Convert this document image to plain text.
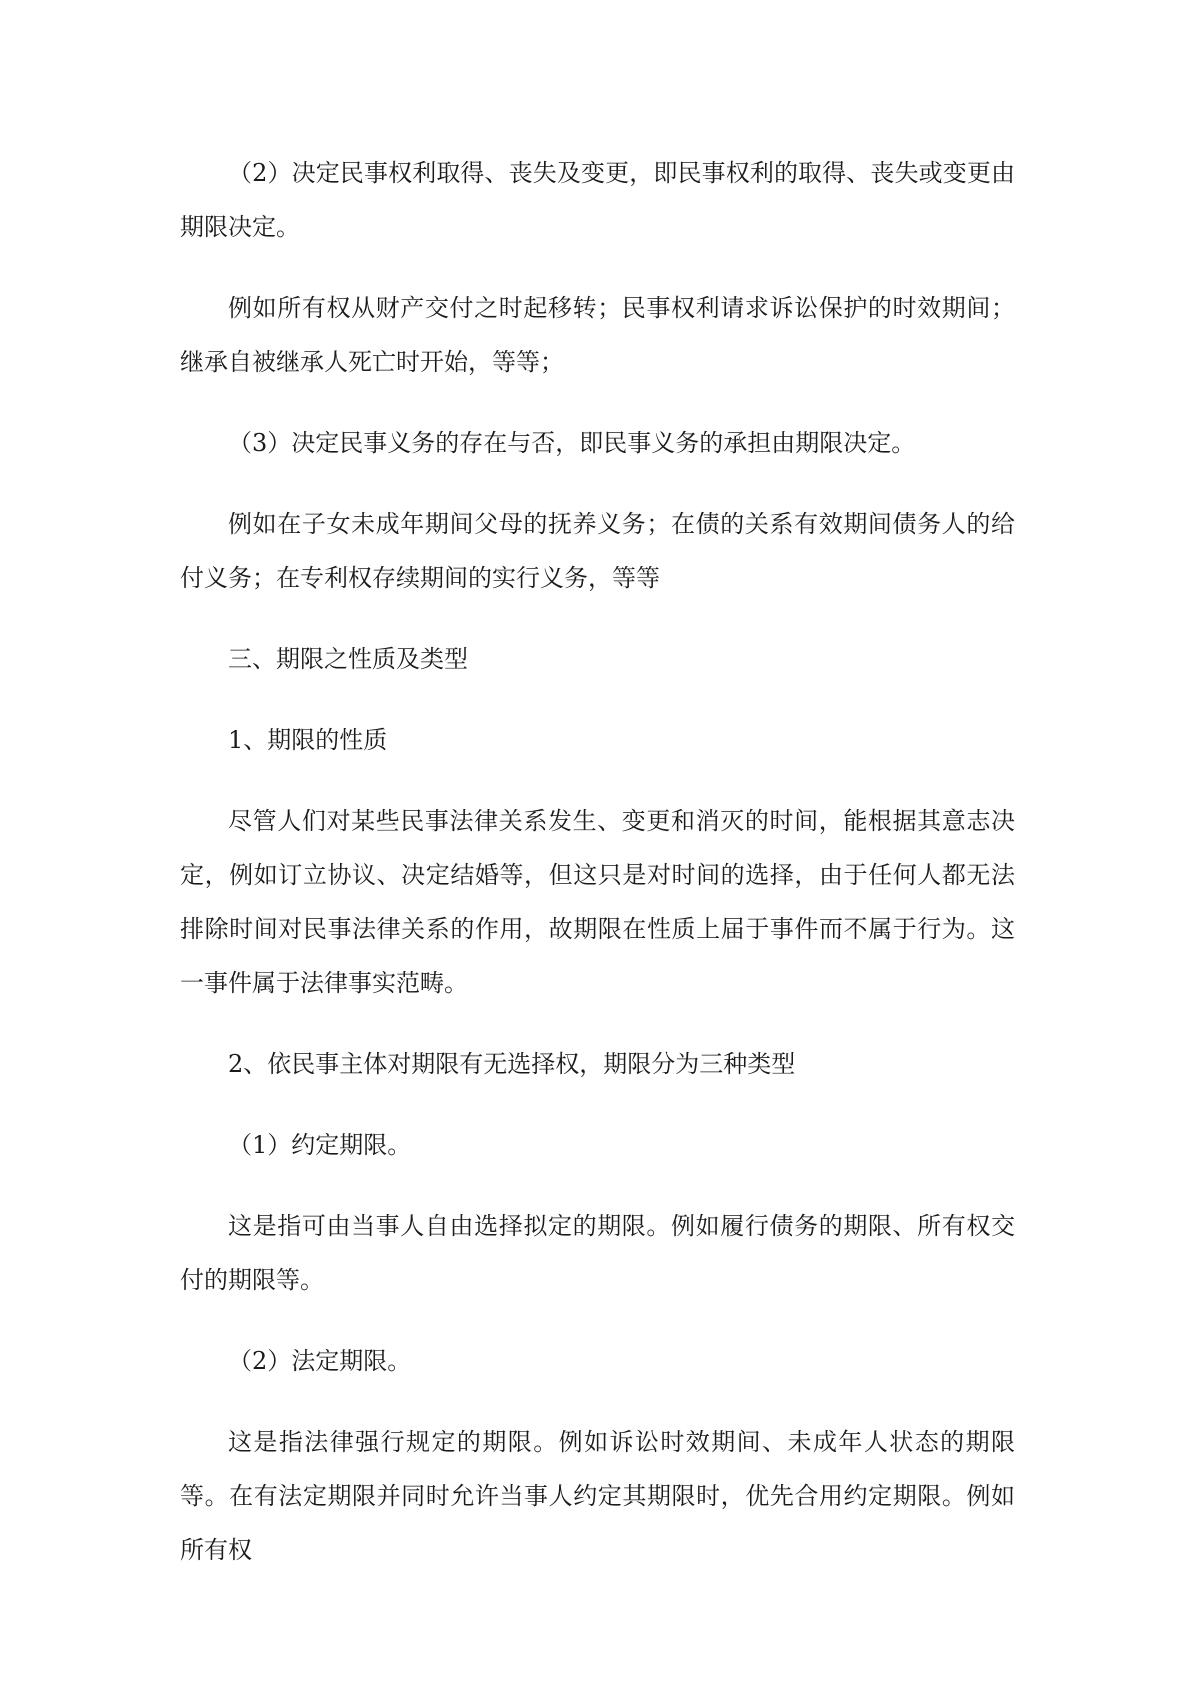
（2）决定民事权利取得、丧失及变更，即民事权利的取得、丧失或变更由期限决定。

例如所有权从财产交付之时起移转；民事权利请求诉讼保护的时效期间；继承自被继承人死亡时开始，等等；

（3）决定民事义务的存在与否，即民事义务的承担由期限决定。

例如在子女未成年期间父母的抚养义务；在债的关系有效期间债务人的给付义务；在专利权存续期间的实行义务，等等

三、期限之性质及类型

1、期限的性质

尽管人们对某些民事法律关系发生、变更和消灭的时间，能根据其意志决定，例如订立协议、决定结婚等，但这只是对时间的选择，由于任何人都无法排除时间对民事法律关系的作用，故期限在性质上届于事件而不属于行为。这一事件属于法律事实范畴。

2、依民事主体对期限有无选择权，期限分为三种类型

（1）约定期限。

这是指可由当事人自由选择拟定的期限。例如履行债务的期限、所有权交付的期限等。

（2）法定期限。

这是指法律强行规定的期限。例如诉讼时效期间、未成年人状态的期限等。在有法定期限并同时允许当事人约定其期限时，优先合用约定期限。例如所有权
